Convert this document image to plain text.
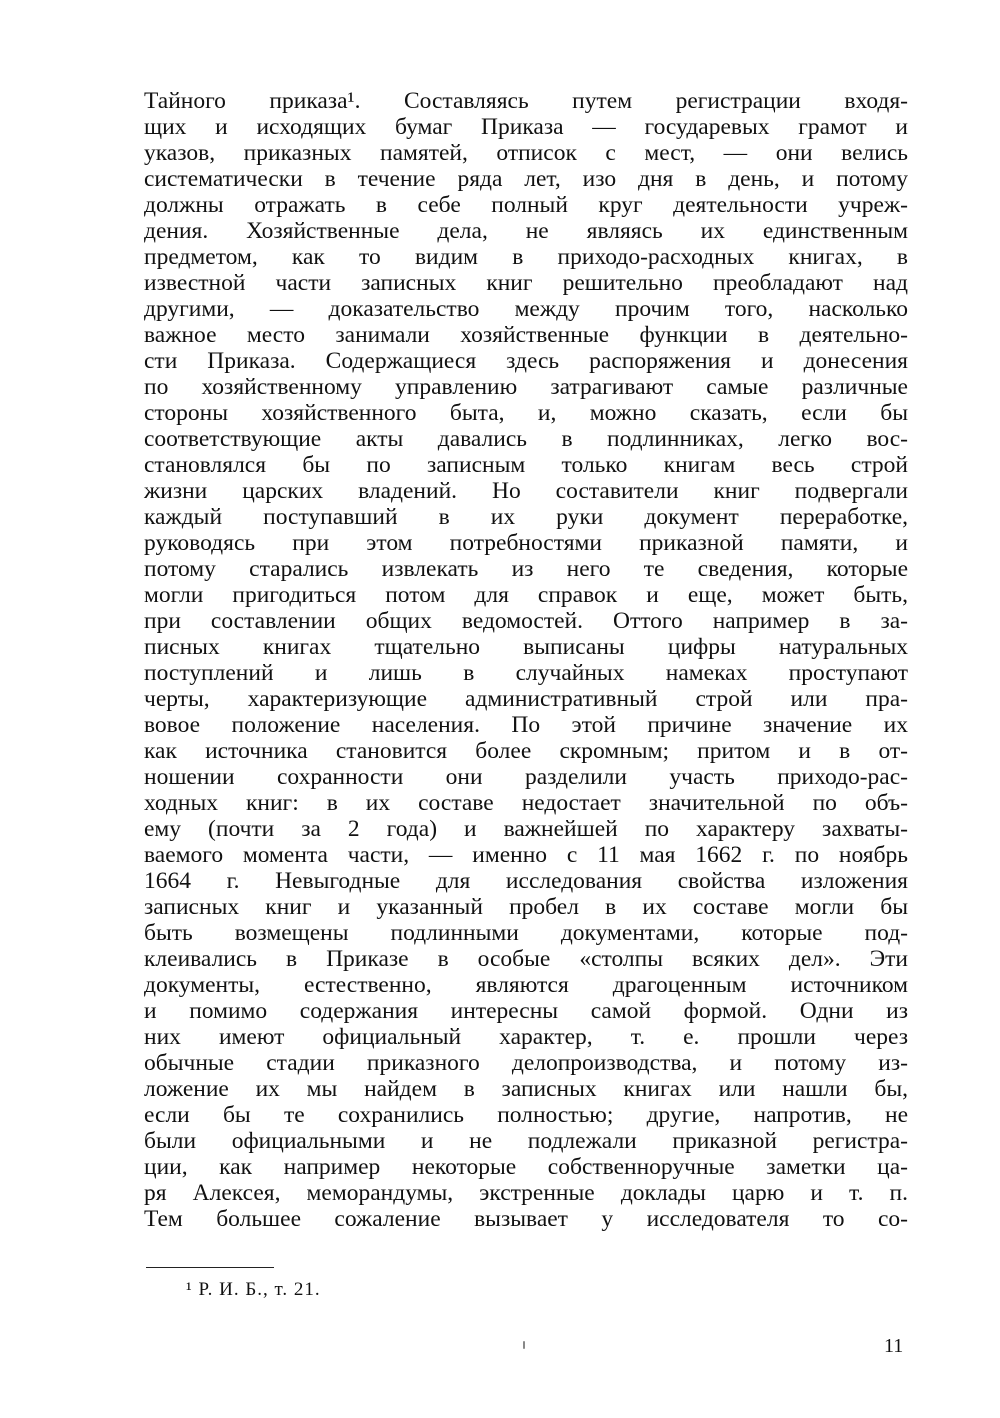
Тайного приказа¹. Составляясь путем регистрации входя-
щих и исходящих бумаг Приказа — государевых грамот и
указов, приказных памятей, отписок с мест, — они велись
систематически в течение ряда лет, изо дня в день, и потому
должны отражать в себе полный круг деятельности учреж-
дения. Хозяйственные дела, не являясь их единственным
предметом, как то видим в приходо-расходных книгах, в
известной части записных книг решительно преобладают над
другими, — доказательство между прочим того, насколько
важное место занимали хозяйственные функции в деятельно-
сти Приказа. Содержащиеся здесь распоряжения и донесения
по хозяйственному управлению затрагивают самые различные
стороны хозяйственного быта, и, можно сказать, если бы
соответствующие акты давались в подлинниках, легко вос-
становлялся бы по записным только книгам весь строй
жизни царских владений. Но составители книг подвергали
каждый поступавший в их руки документ переработке,
руководясь при этом потребностями приказной памяти, и
потому старались извлекать из него те сведения, которые
могли пригодиться потом для справок и еще, может быть,
при составлении общих ведомостей. Оттого например в за-
писных книгах тщательно выписаны цифры натуральных
поступлений и лишь в случайных намеках проступают
черты, характеризующие административный строй или пра-
вовое положение населения. По этой причине значение их
как источника становится более скромным; притом и в от-
ношении сохранности они разделили участь приходо-рас-
ходных книг: в их составе недостает значительной по объ-
ему (почти за 2 года) и важнейшей по характеру захваты-
ваемого момента части, — именно с 11 мая 1662 г. по ноябрь
1664 г. Невыгодные для исследования свойства изложения
записных книг и указанный пробел в их составе могли бы
быть возмещены подлинными документами, которые под-
клеивались в Приказе в особые «столпы всяких дел». Эти
документы, естественно, являются драгоценным источником
и помимо содержания интересны самой формой. Одни из
них имеют официальный характер, т. е. прошли через
обычные стадии приказного делопроизводства, и потому из-
ложение их мы найдем в записных книгах или нашли бы,
если бы те сохранились полностью; другие, напротив, не
были официальными и не подлежали приказной регистра-
ции, как например некоторые собственноручные заметки ца-
ря Алексея, меморандумы, экстренные доклады царю и т. п.
Тем большее сожаление вызывает у исследователя то со-
¹ Р. И. Б., т. 21.
11
